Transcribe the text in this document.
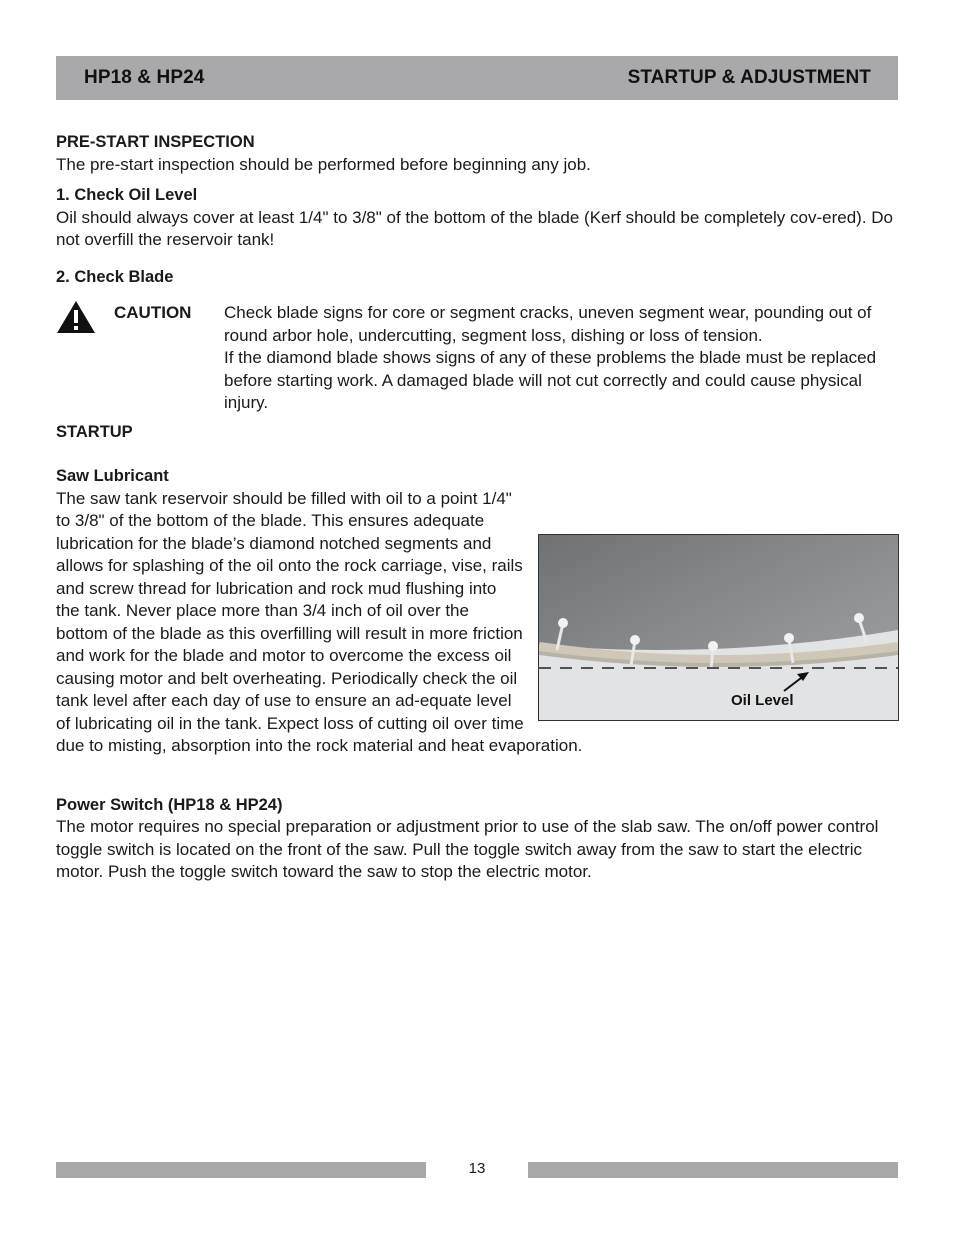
HP18 & HP24	STARTUP & ADJUSTMENT

PRE-START INSPECTION

The pre-start inspection should be performed before beginning any job.

1. Check Oil Level

Oil should always cover at least 1/4" to 3/8" of the bottom of the blade (Kerf should be completely cov-ered). Do not overfill the reservoir tank!

2. Check Blade

CAUTION	Check blade signs for core or segment cracks, uneven segment wear, pounding out of round arbor hole, undercutting, segment loss, dishing or loss of tension.

If the diamond blade shows signs of any of these problems the blade must be replaced before starting work. A damaged blade will not cut correctly and could cause physical injury.

STARTUP

Saw Lubricant

Oil Level

The saw tank reservoir should be filled with oil to a point 1/4" to 3/8" of the bottom of the blade. This ensures adequate lubrication for the blade’s diamond notched segments and allows for splashing of the oil onto the rock carriage, vise, rails and screw thread for lubrication and rock mud flushing into the tank. Never place more than 3/4 inch of oil over the bottom of the blade as this overfilling will result in more friction and work for the blade and motor to overcome the excess oil causing motor and belt overheating. Periodically check the oil tank level after each day of use to ensure an ad-equate level of lubricating oil in the tank. Expect loss of cutting oil over time due to misting, absorption into the rock material and heat evaporation.

Power Switch (HP18 & HP24)

The motor requires no special preparation or adjustment prior to use of the slab saw. The on/off power control toggle switch is located on the front of the saw. Pull the toggle switch away from the saw to start the electric motor. Push the toggle switch toward the saw to stop the electric motor.

13
